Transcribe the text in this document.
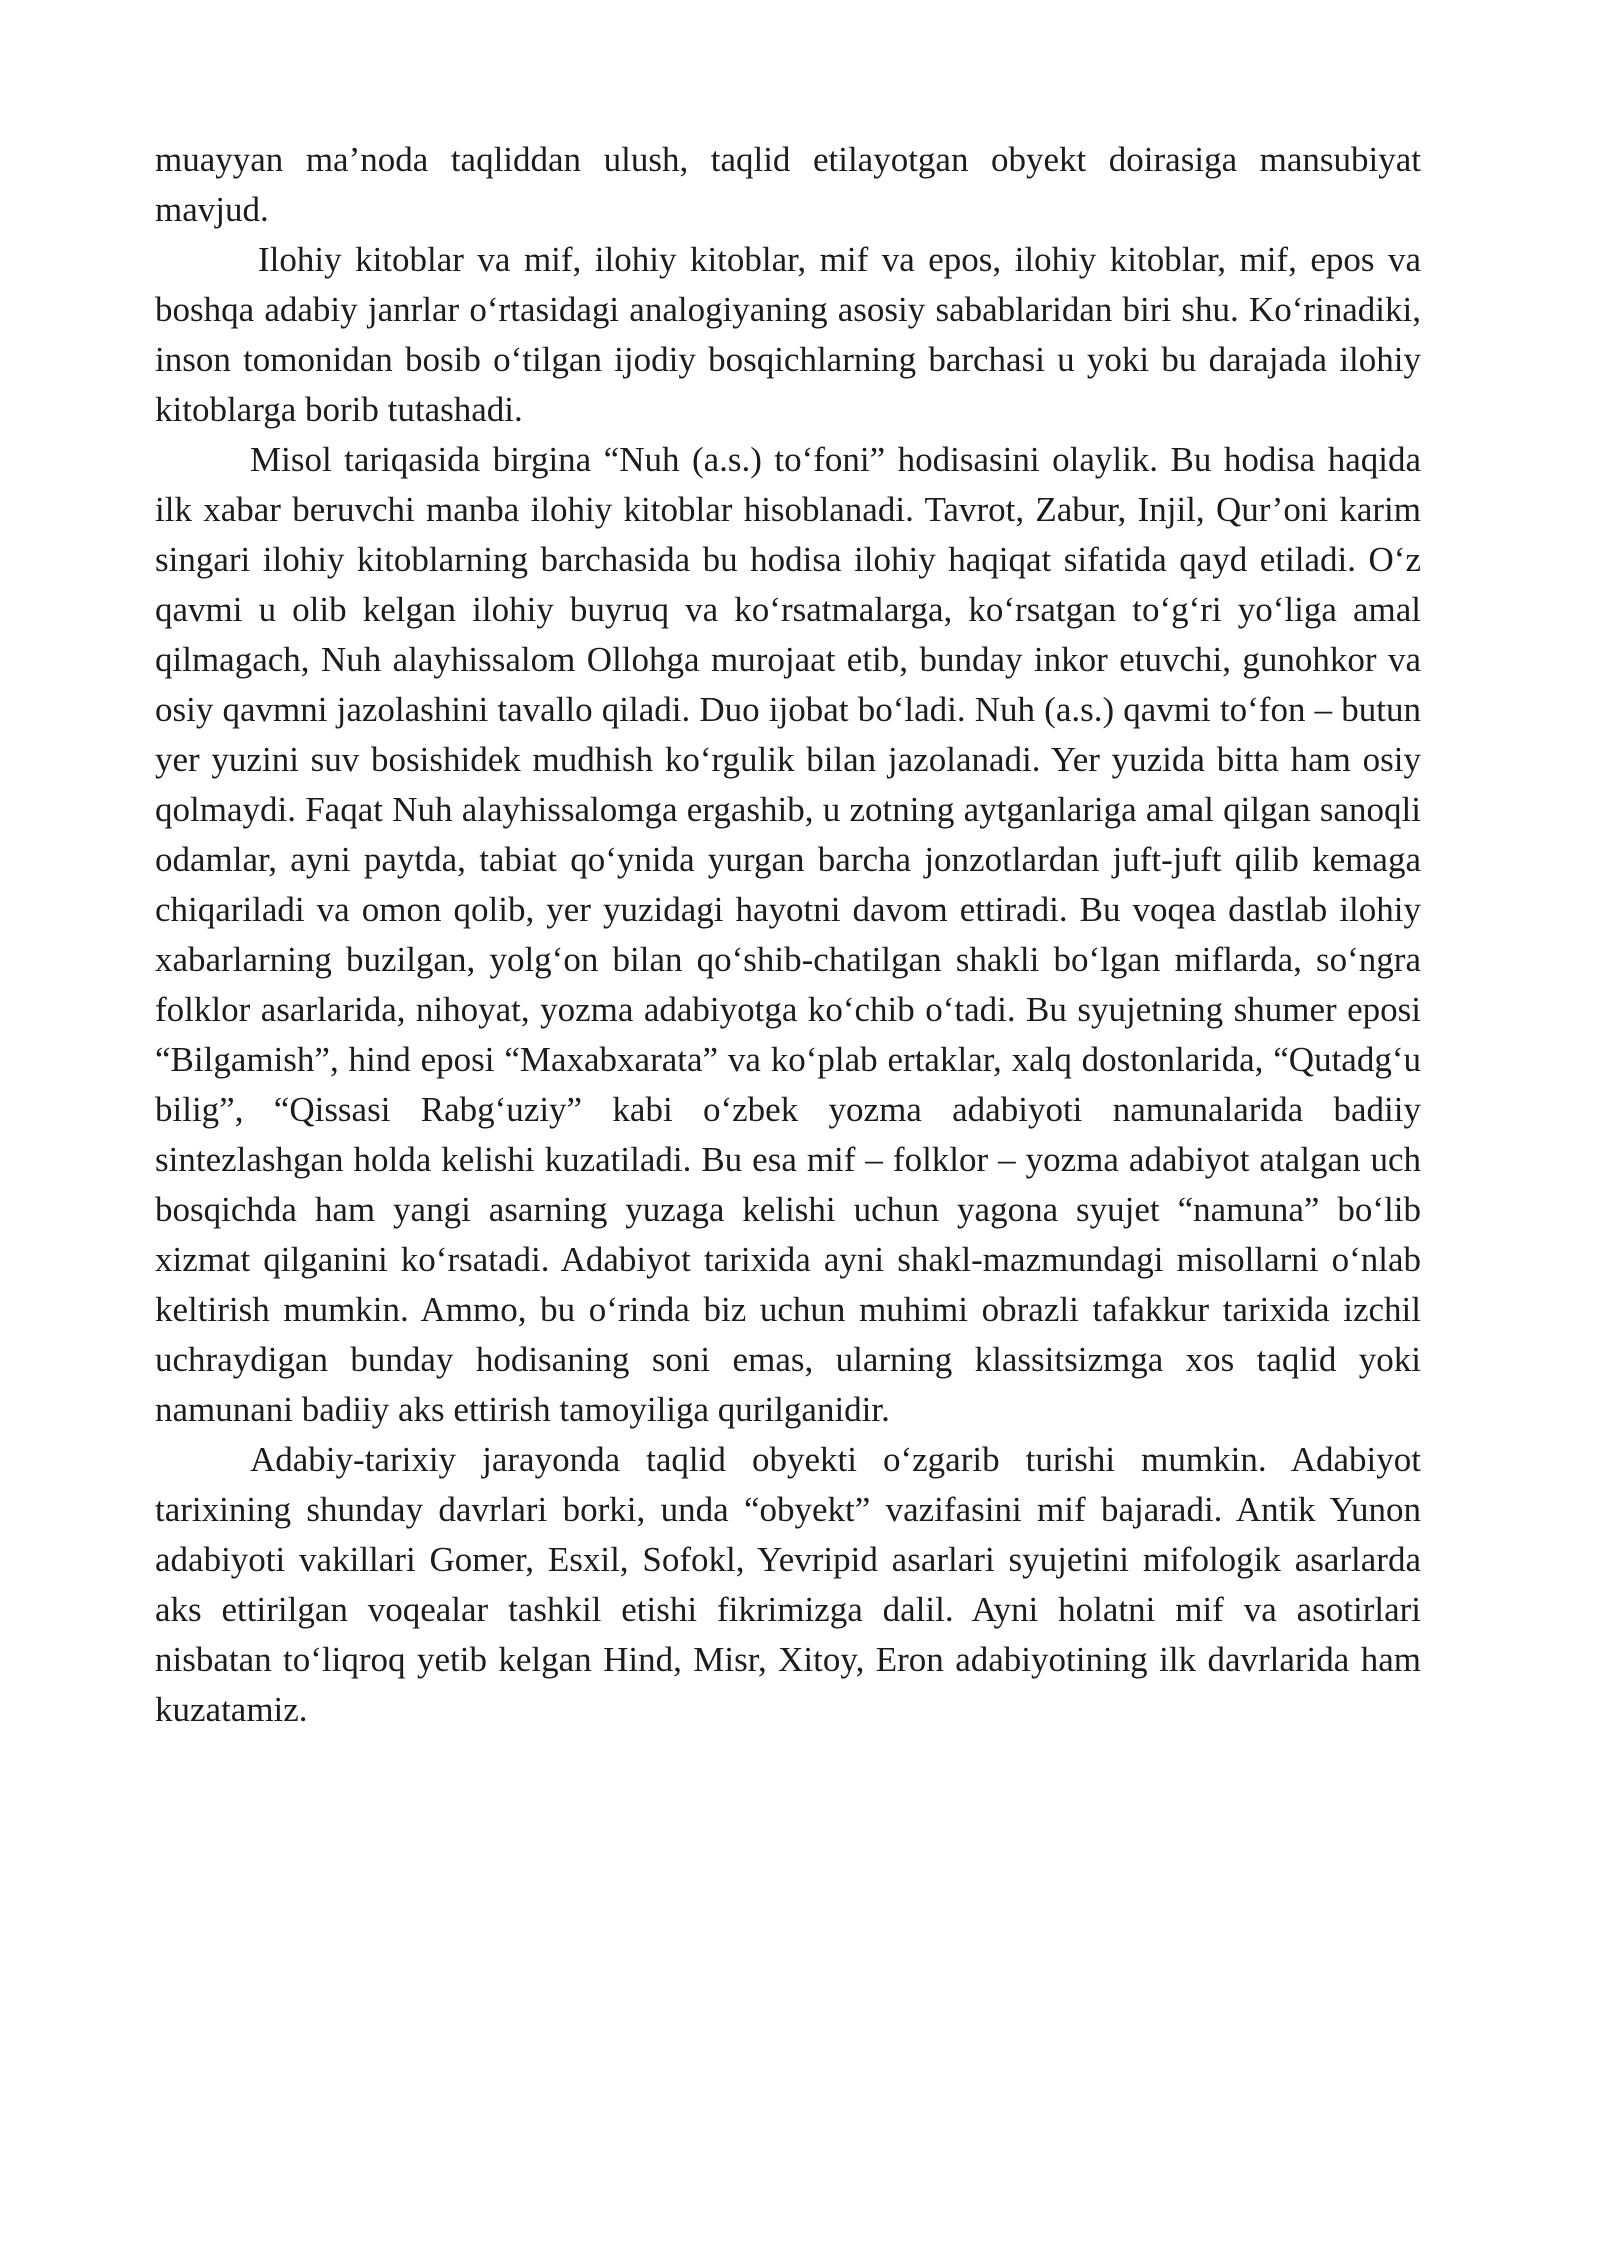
muayyan ma’noda taqliddan ulush, taqlid etilayotgan obyekt doirasiga mansubiyat mavjud.

Ilohiy kitoblar va mif, ilohiy kitoblar, mif va epos, ilohiy kitoblar, mif, epos va boshqa adabiy janrlar o‘rtasidagi analogiyaning asosiy sabablaridan biri shu. Ko‘rinadiki, inson tomonidan bosib o‘tilgan ijodiy bosqichlarning barchasi u yoki bu darajada ilohiy kitoblarga borib tutashadi.

Misol tariqasida birgina “Nuh (a.s.) to‘foni” hodisasini olaylik. Bu hodisa haqida ilk xabar beruvchi manba ilohiy kitoblar hisoblanadi. Tavrot, Zabur, Injil, Qur’oni karim singari ilohiy kitoblarning barchasida bu hodisa ilohiy haqiqat sifatida qayd etiladi. O‘z qavmi u olib kelgan ilohiy buyruq va ko‘rsatmalarga, ko‘rsatgan to‘g‘ri yo‘liga amal qilmagach, Nuh alayhissalom Ollohga murojaat etib, bunday inkor etuvchi, gunohkor va osiy qavmni jazolashini tavallo qiladi. Duo ijobat bo‘ladi. Nuh (a.s.) qavmi to‘fon – butun yer yuzini suv bosishidek mudhish ko‘rgulik bilan jazolanadi. Yer yuzida bitta ham osiy qolmaydi. Faqat Nuh alayhissalomga ergashib, u zotning aytganlariga amal qilgan sanoqli odamlar, ayni paytda, tabiat qo‘ynida yurgan barcha jonzotlardan juft-juft qilib kemaga chiqariladi va omon qolib, yer yuzidagi hayotni davom ettiradi. Bu voqea dastlab ilohiy xabarlarning buzilgan, yolg‘on bilan qo‘shib-chatilgan shakli bo‘lgan miflarda, so‘ngra folklor asarlarida, nihoyat, yozma adabiyotga ko‘chib o‘tadi. Bu syujetning shumer eposi “Bilgamish”, hind eposi “Maxabxarata” va ko‘plab ertaklar, xalq dostonlarida, “Qutadg‘u bilig”, “Qissasi Rabg‘uziy” kabi o‘zbek yozma adabiyoti namunalarida badiiy sintezlashgan holda kelishi kuzatiladi. Bu esa mif – folklor – yozma adabiyot atalgan uch bosqichda ham yangi asarning yuzaga kelishi uchun yagona syujet “namuna” bo‘lib xizmat qilganini ko‘rsatadi. Adabiyot tarixida ayni shakl-mazmundagi misollarni o‘nlab keltirish mumkin. Ammo, bu o‘rinda biz uchun muhimi obrazli tafakkur tarixida izchil uchraydigan bunday hodisaning soni emas, ularning klassitsizmga xos taqlid yoki namunani badiiy aks ettirish tamoyiliga qurilganidir.

Adabiy-tarixiy jarayonda taqlid obyekti o‘zgarib turishi mumkin. Adabiyot tarixining shunday davrlari borki, unda “obyekt” vazifasini mif bajaradi. Antik Yunon adabiyoti vakillari Gomer, Esxil, Sofokl, Yevripid asarlari syujetini mifologik asarlarda aks ettirilgan voqealar tashkil etishi fikrimizga dalil. Ayni holatni mif va asotirlari nisbatan to‘liqroq yetib kelgan Hind, Misr, Xitoy, Eron adabiyotining ilk davrlarida ham kuzatamiz.
